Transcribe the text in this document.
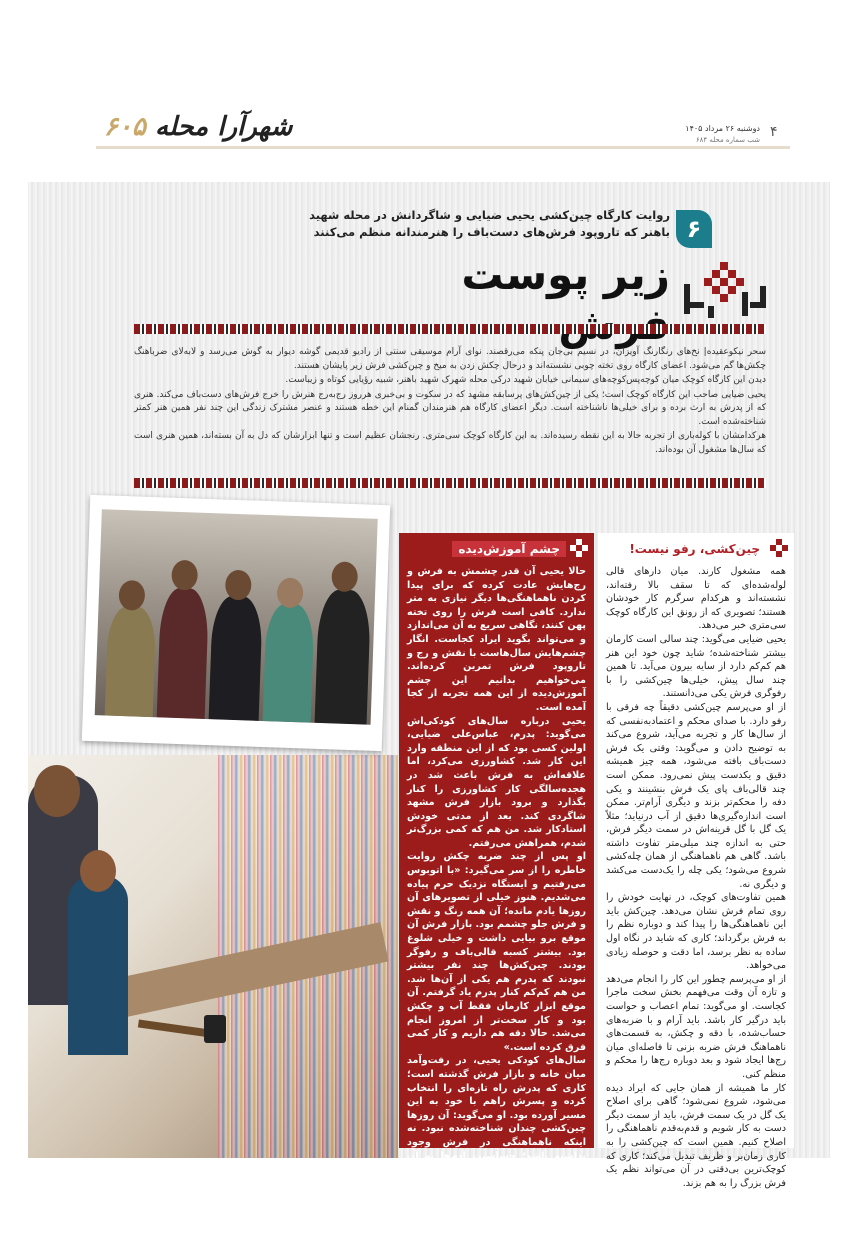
۶۰۵ شهرآرا محله	دوشنبه ۲۶ مرداد ۱۴۰۵
شب سماره محله ۶۸۴ ۴
۶
روایت کارگاه چین‌کشی یحیی ضیایی و شاگردانش در محله شهید باهنر که تاروپود فرش‌های دست‌باف را هنرمندانه منظم می‌کنند
زیر پوست

سحر نیکوعقیده| نخ‌های رنگارنگ آویزان، در نسیم بی‌جان پنکه می‌رقصند. نوای آرام موسیقی سنتی از رادیو قدیمی گوشه دیوار به گوش می‌رسد و لابه‌لای ضرباهنگ چکش‌ها گم می‌شود. اعضای کارگاه روی تخته چوبی نشسته‌اند و درحال چکش زدن به میخ و چین‌کشی فرش زیر پایشان هستند.

دیدن این کارگاه کوچک میان کوچه‌پس‌کوچه‌های سیمانی خیابان شهید درکی محله شهرک شهید باهنر، شبیه رؤیایی کوتاه و زیباست.

یحیی ضیایی صاحب این کارگاه کوچک است؛ یکی از چین‌کش‌های پرسابقه مشهد که در سکوت و بی‌خبری هرروز رج‌به‌رج هنرش را خرج فرش‌های دست‌باف می‌کند. هنری که از پدرش به ارث برده و برای خیلی‌ها ناشناخته است. دیگر اعضای کارگاه هم هنرمندان گمنام این خطه هستند و عنصر مشترک زندگی این چند نفر همین هنر کمتر شناخته‌شده است.

هرکدامشان با کوله‌باری از تجربه حالا به این نقطه رسیده‌اند. به این کارگاه کوچک سی‌متری. رنجشان عظیم است و تنها ابزارشان که دل به آن بسته‌اند، همین هنری است که سال‌ها مشغول آن بوده‌اند.

چشم آموزش‌دیده

حالا یحیی آن قدر چشمش به فرش و رج‌هایش عادت کرده که برای پیدا کردن ناهماهنگی‌ها دیگر نیازی به متر ندارد. کافی است فرش را روی تخته پهن کنند، نگاهی سریع به آن می‌اندازد و می‌تواند بگوید ایراد کجاست. انگار چشم‌هایش سال‌هاست با نقش و رج و تاروپود فرش تمرین کرده‌اند. می‌خواهیم بدانیم این چشم آموزش‌دیده از این همه تجربه از کجا آمده است.

یحیی درباره سال‌های کودکی‌اش می‌گوید: پدرم، عباس‌علی ضیایی، اولین کسی بود که از این منطقه وارد این کار شد. کشاورزی می‌کرد، اما علاقه‌اش به فرش باعث شد در هجده‌سالگی کار کشاورزی را کنار بگذارد و برود بازار فرش مشهد شاگردی کند. بعد از مدتی خودش استادکار شد. من هم که کمی بزرگ‌تر شدم، همراهش می‌رفتم.

او پس از چند ضربه چکش روایت خاطره را از سر می‌گیرد: «با اتوبوس می‌رفتیم و ایستگاه نزدیک حرم پیاده می‌شدیم. هنوز خیلی از تصویرهای آن روزها یادم مانده؛ آن همه رنگ و نقش و فرش جلو چشمم بود. بازار فرش آن موقع برو بیایی داشت و خیلی شلوغ بود. بیشتر کسبه قالی‌باف و رفوگر بودند. چین‌کش‌ها چند نفر بیشتر نبودند که پدرم هم یکی از آن‌ها شد. من هم کم‌کم کنار پدرم یاد گرفتم. آن موقع ابزار کارمان فقط آب و چکش بود و کار سخت‌تر از امروز انجام می‌شد. حالا دقه هم داریم و کار کمی فرق کرده است.»

سال‌های کودکی یحیی، در رفت‌وآمد میان خانه و بازار فرش گذشته است؛ کاری که پدرش راه تازه‌ای را انتخاب کرده و پسرش راهم با خود به این مسیر آورده بود. او می‌گوید: آن روزها چین‌کشی چندان شناخته‌شده نبود. نه اینکه ناهماهنگی در فرش وجود نداشته باشد؛ حساسیت آدم‌ها به آن کمتر بود. خیلی‌ها تفاوت‌های میلی‌متری نقش‌ها و رج‌ها را نمی‌دیدند یا آن‌قدر برایشان مهم نبود که بخواهند به فکر اصلاحش بیفتند. به مرور زمان اما نگاه‌ها دقیق‌تر شد و آدم‌ها بیشتر به جزئیات فرش‌های دست‌باف حساس شدند.

چین‌کشی، رفو نیست!

همه مشغول کارند. میان دارهای قالی لوله‌شده‌ای که تا سقف بالا رفته‌اند، نشسته‌اند و هرکدام سرگرم کار خودشان هستند؛ تصویری که از رونق این کارگاه کوچک سی‌متری خبر می‌دهد.

یحیی ضیایی می‌گوید: چند سالی است کارمان بیشتر شناخته‌شده؛ شاید چون خود این هنر هم کم‌کم دارد از سایه بیرون می‌آید. تا همین چند سال پیش، خیلی‌ها چین‌کشی را با رفوگری فرش یکی می‌دانستند.

از او می‌پرسم چین‌کشی دقیقاً چه فرقی با رفو دارد. با صدای محکم و اعتمادبه‌نفسی که از سال‌ها کار و تجربه می‌آید، شروع می‌کند به توضیح دادن و می‌گوید: وقتی یک فرش دست‌باف بافته می‌شود، همه چیز همیشه دقیق و یکدست پیش نمی‌رود. ممکن است چند قالی‌باف پای یک فرش بنشینند و یکی دفه را محکم‌تر بزند و دیگری آرام‌تر. ممکن است اندازه‌گیری‌ها دقیق از آب درنیاید؛ مثلاً یک گل با گل قرینه‌اش در سمت دیگر فرش، حتی به اندازه چند میلی‌متر تفاوت داشته باشد. گاهی هم ناهماهنگی از همان چله‌کشی شروع می‌شود؛ یکی چله را یک‌دست می‌کشد و دیگری نه.

همین تفاوت‌های کوچک، در نهایت خودش را روی تمام فرش نشان می‌دهد. چین‌کش باید این ناهماهنگی‌ها را پیدا کند و دوباره نظم را به فرش برگرداند؛ کاری که شاید در نگاه اول ساده به نظر برسد، اما دقت و حوصله زیادی می‌خواهد.

از او می‌پرسم چطور این کار را انجام می‌دهد و تازه آن وقت می‌فهمم بخش سخت ماجرا کجاست. او می‌گوید: تمام اعصاب و حواست باید درگیر کار باشد. باید آرام و با ضربه‌های حساب‌شده، با دقه و چکش، به قسمت‌های ناهماهنگ فرش ضربه بزنی تا فاصله‌ای میان رج‌ها ایجاد شود و بعد دوباره رج‌ها را محکم و منظم کنی.

کار ما همیشه از همان جایی که ایراد دیده می‌شود، شروع نمی‌شود؛ گاهی برای اصلاح یک گل در یک سمت فرش، باید از سمت دیگر دست به کار شویم و قدم‌به‌قدم ناهماهنگی را اصلاح کنیم. همین است که چین‌کشی را به کاری زمان‌بر و ظریف تبدیل می‌کند؛ کاری که کوچک‌ترین بی‌دقتی در آن می‌تواند نظم یک فرش بزرگ را به هم بزند.
